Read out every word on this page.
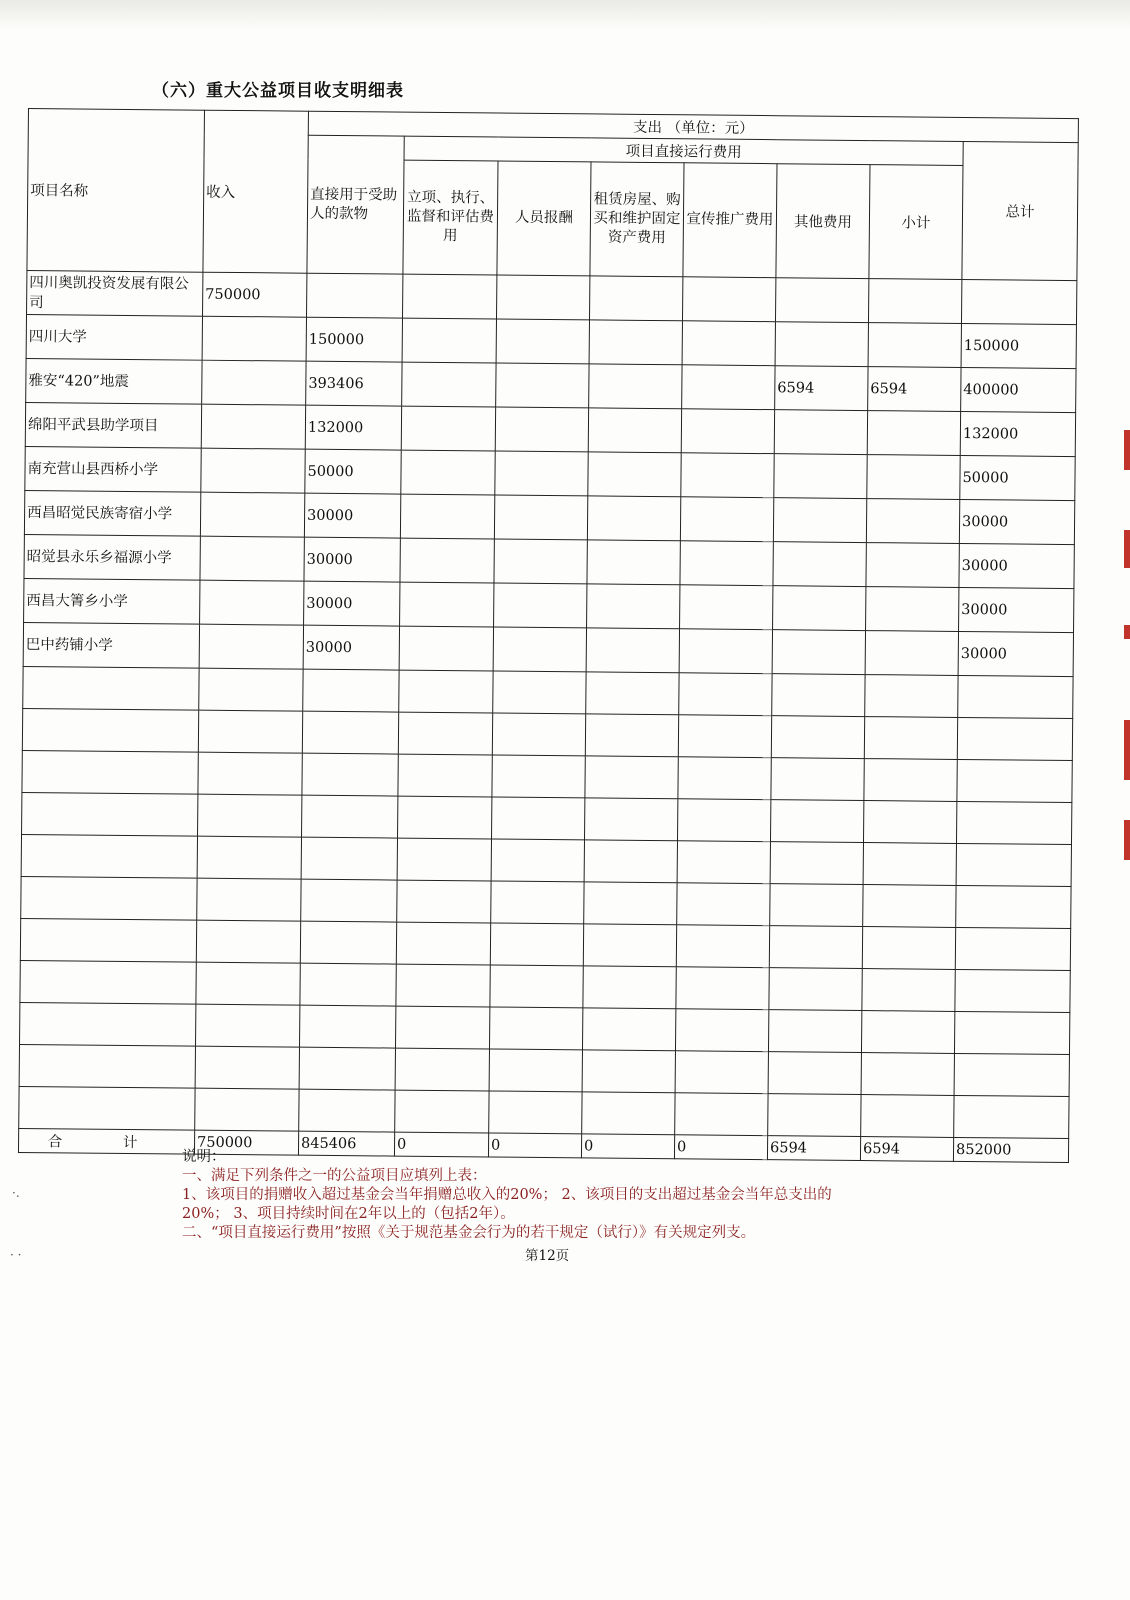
（六）重大公益项目收支明细表
项目名称	收入	支出 （单位：元）							
		直接用于受助人的款物	项目直接运行费用						总计
			立项、执行、监督和评估费用	人员报酬	租赁房屋、购买和维护固定资产费用	宣传推广费用	其他费用	小计	
四川奥凯投资发展有限公司	750000								
四川大学		150000							150000
雅安“420”地震		393406					6594	6594	400000
绵阳平武县助学项目		132000							132000
南充营山县西桥小学		50000							50000
西昌昭觉民族寄宿小学		30000							30000
昭觉县永乐乡福源小学		30000							30000
西昌大箐乡小学		30000							30000
巴中药铺小学		30000							30000

合 计	750000	845406	0	0	0	0	6594	6594	852000
说明：
一、满足下列条件之一的公益项目应填列上表：
1、该项目的捐赠收入超过基金会当年捐赠总收入的20%； 2、该项目的支出超过基金会当年总支出的
20%； 3、项目持续时间在2年以上的（包括2年）。
二、“项目直接运行费用”按照《关于规范基金会行为的若干规定（试行）》有关规定列支。
第12页
·.
· ·
